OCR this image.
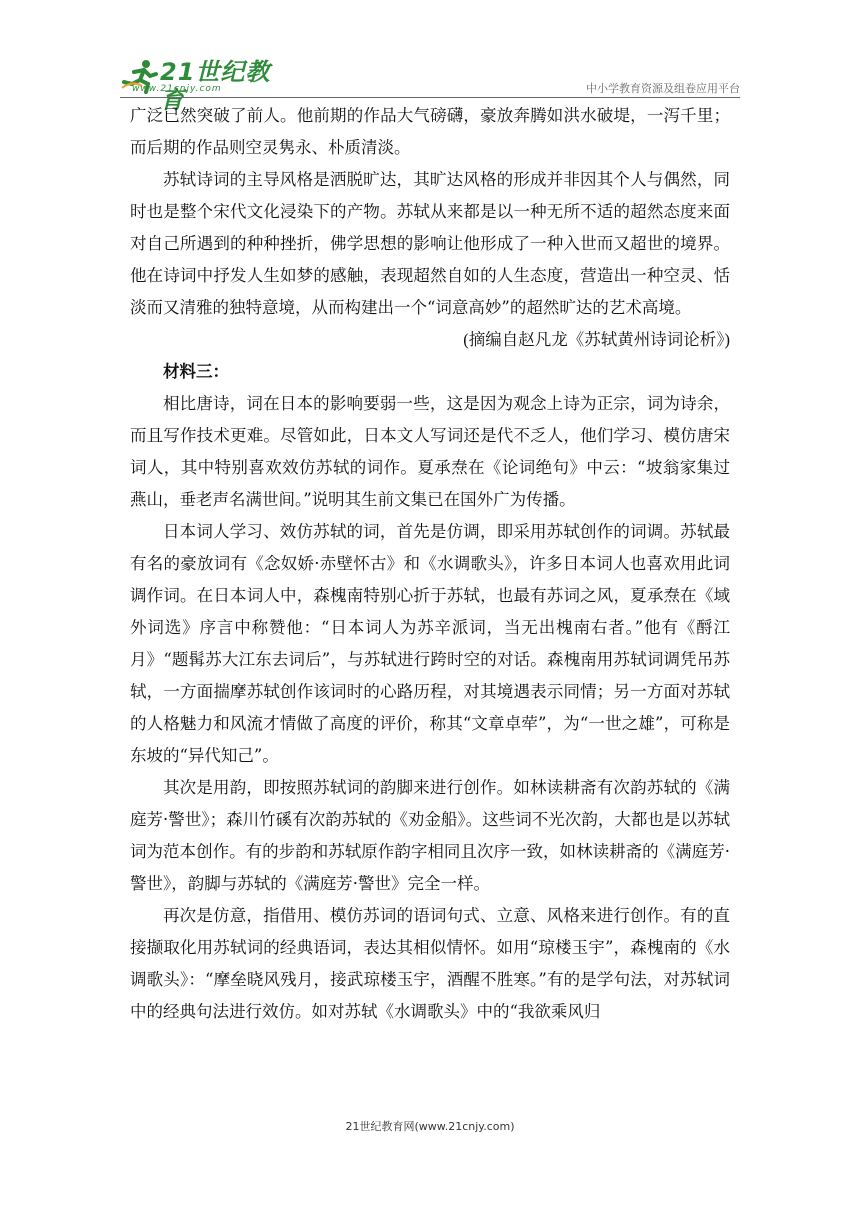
21世纪教育
www.21cnjy.com	中小学教育资源及组卷应用平台

广泛已然突破了前人。他前期的作品大气磅礴，豪放奔腾如洪水破堤，一泻千里；而后期的作品则空灵隽永、朴质清淡。

苏轼诗词的主导风格是洒脱旷达，其旷达风格的形成并非因其个人与偶然，同时也是整个宋代文化浸染下的产物。苏轼从来都是以一种无所不适的超然态度来面对自己所遇到的种种挫折，佛学思想的影响让他形成了一种入世而又超世的境界。他在诗词中抒发人生如梦的感触，表现超然自如的人生态度，营造出一种空灵、恬淡而又清雅的独特意境，从而构建出一个“词意高妙”的超然旷达的艺术高境。

(摘编自赵凡龙《苏轼黄州诗词论析》)

材料三：

相比唐诗，词在日本的影响要弱一些，这是因为观念上诗为正宗，词为诗余，而且写作技术更难。尽管如此，日本文人写词还是代不乏人，他们学习、模仿唐宋词人，其中特别喜欢效仿苏轼的词作。夏承焘在《论词绝句》中云：“坡翁家集过燕山，垂老声名满世间。”说明其生前文集已在国外广为传播。

日本词人学习、效仿苏轼的词，首先是仿调，即采用苏轼创作的词调。苏轼最有名的豪放词有《念奴娇·赤壁怀古》和《水调歌头》，许多日本词人也喜欢用此词调作词。在日本词人中，森槐南特别心折于苏轼，也最有苏词之风，夏承焘在《域外词选》序言中称赞他：“日本词人为苏辛派词，当无出槐南右者。”他有《酹江月》“题髯苏大江东去词后”，与苏轼进行跨时空的对话。森槐南用苏轼词调凭吊苏轼，一方面揣摩苏轼创作该词时的心路历程，对其境遇表示同情；另一方面对苏轼的人格魅力和风流才情做了高度的评价，称其“文章卓荦”，为“一世之雄”，可称是东坡的“异代知己”。

其次是用韵，即按照苏轼词的韵脚来进行创作。如林读耕斋有次韵苏轼的《满庭芳·警世》；森川竹磎有次韵苏轼的《劝金船》。这些词不光次韵，大都也是以苏轼词为范本创作。有的步韵和苏轼原作韵字相同且次序一致，如林读耕斋的《满庭芳·警世》，韵脚与苏轼的《满庭芳·警世》完全一样。

再次是仿意，指借用、模仿苏词的语词句式、立意、风格来进行创作。有的直接撷取化用苏轼词的经典语词，表达其相似情怀。如用“琼楼玉宇”，森槐南的《水调歌头》：“摩垒晓风残月，接武琼楼玉宇，酒醒不胜寒。”有的是学句法，对苏轼词中的经典句法进行效仿。如对苏轼《水调歌头》中的“我欲乘风归

21世纪教育网(www.21cnjy.com)
